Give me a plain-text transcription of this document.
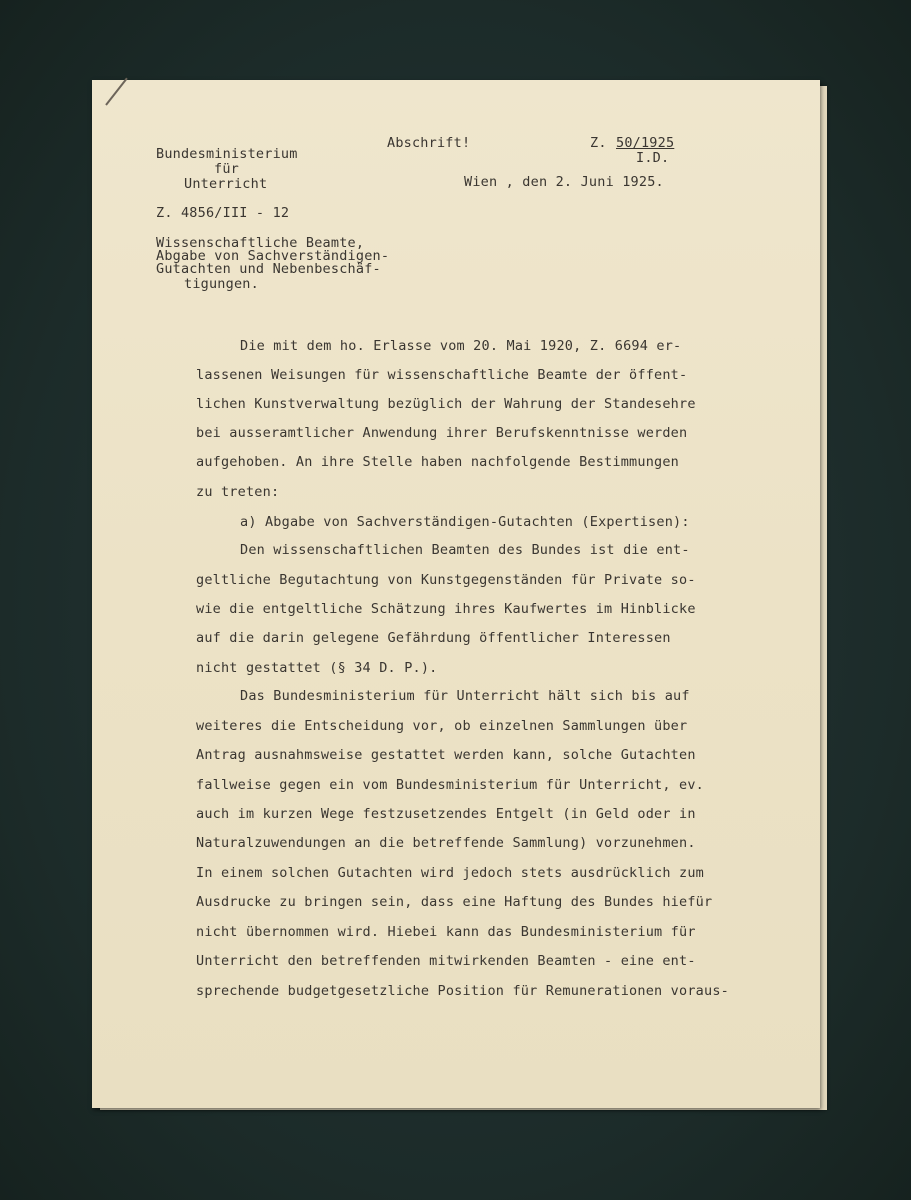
Bundesministerium
für
Unterricht
Abschrift!	Z. 50/1925
I.D.
Wien , den 2. Juni 1925.
Z. 4856/III - 12
Wissenschaftliche Beamte,
Abgabe von Sachverständigen-
Gutachten und Nebenbeschäf-
tigungen.
Die mit dem ho. Erlasse vom 20. Mai 1920, Z. 6694 er-
lassenen Weisungen für wissenschaftliche Beamte der öffent-
lichen Kunstverwaltung bezüglich der Wahrung der Standesehre
bei ausseramtlicher Anwendung ihrer Berufskenntnisse werden
aufgehoben. An ihre Stelle haben nachfolgende Bestimmungen
zu treten:
a) Abgabe von Sachverständigen-Gutachten (Expertisen):
Den wissenschaftlichen Beamten des Bundes ist die ent-
geltliche Begutachtung von Kunstgegenständen für Private so-
wie die entgeltliche Schätzung ihres Kaufwertes im Hinblicke
auf die darin gelegene Gefährdung öffentlicher Interessen
nicht gestattet (§ 34 D. P.).
Das Bundesministerium für Unterricht hält sich bis auf
weiteres die Entscheidung vor, ob einzelnen Sammlungen über
Antrag ausnahmsweise gestattet werden kann, solche Gutachten
fallweise gegen ein vom Bundesministerium für Unterricht, ev.
auch im kurzen Wege festzusetzendes Entgelt (in Geld oder in
Naturalzuwendungen an die betreffende Sammlung) vorzunehmen.
In einem solchen Gutachten wird jedoch stets ausdrücklich zum
Ausdrucke zu bringen sein, dass eine Haftung des Bundes hiefür
nicht übernommen wird. Hiebei kann das Bundesministerium für
Unterricht den betreffenden mitwirkenden Beamten - eine ent-
sprechende budgetgesetzliche Position für Remunerationen voraus-
